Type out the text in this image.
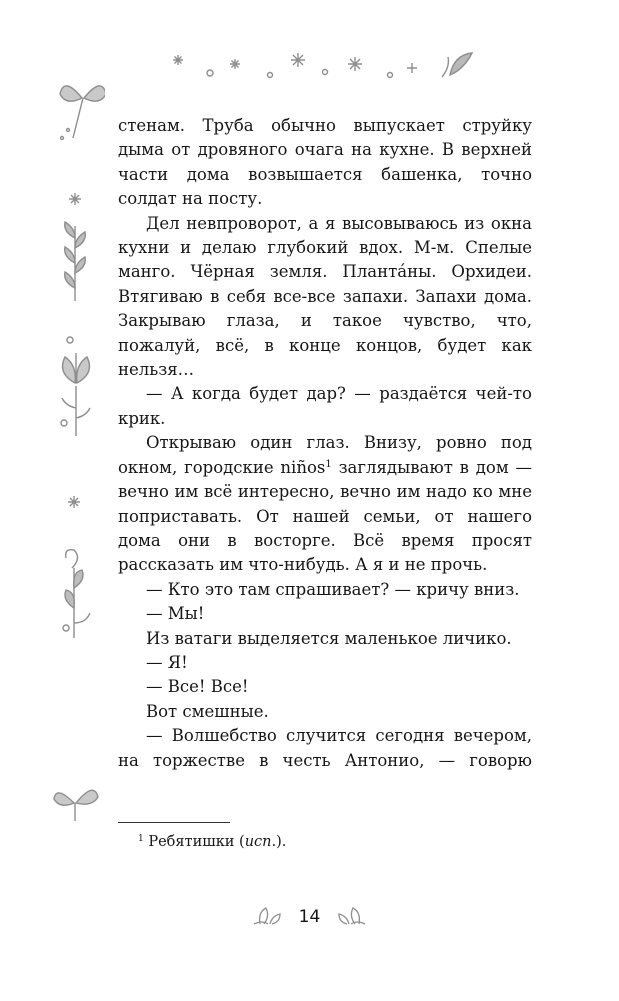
стенам. Труба обычно выпускает струйку дыма от дровяного очага на кухне. В верхней части дома возвышается башенка, точно солдат на посту.

Дел невпроворот, а я высовываюсь из окна кухни и делаю глубокий вдох. М-м. Спелые манго. Чёрная земля. Плантáны. Орхидеи. Втягиваю в себя все-все запахи. Запахи дома. Закрываю глаза, и такое чувство, что, пожалуй, всё, в конце концов, будет как нельзя…

— А когда будет дар? — раздаётся чей-то крик.

Открываю один глаз. Внизу, ровно под окном, городские niños$^1$ заглядывают в дом — вечно им всё интересно, вечно им надо ко мне поприставать. От нашей семьи, от нашего дома они в восторге. Всё время просят рассказать им что-нибудь. А я и не прочь.

— Кто это там спрашивает? — кричу вниз.

— Мы!

Из ватаги выделяется маленькое личико.

— Я!

— Все! Все!

Вот смешные.

— Волшебство случится сегодня вечером, на торжестве в честь Антонио, — говорю

$^1$ Ребятишки (исп.).
14
